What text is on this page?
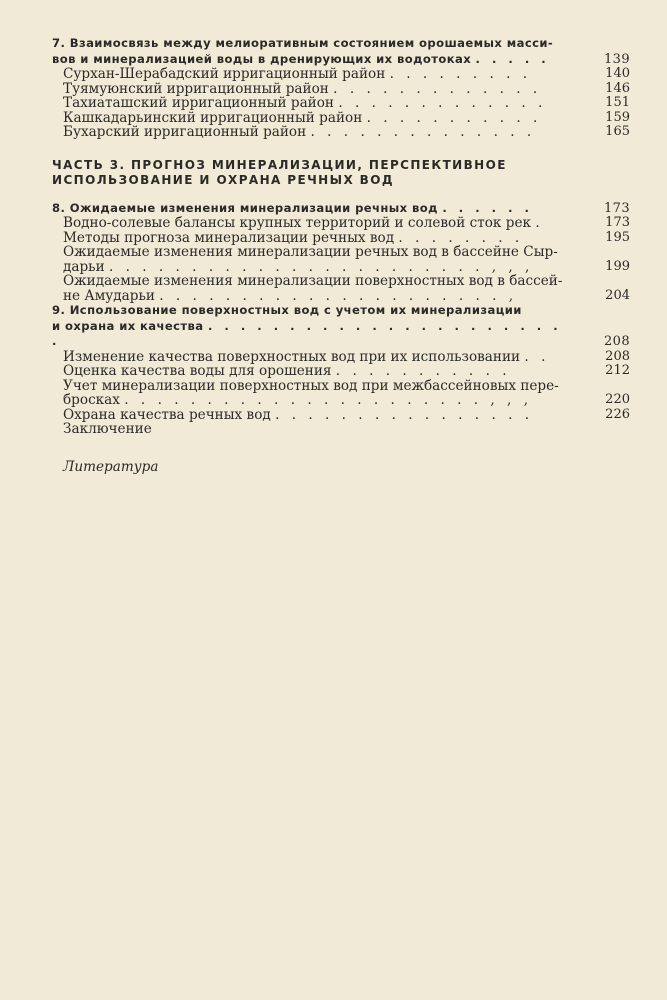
7. Взаимосвязь между мелиоративным состоянием орошаемых масси-
вов и минерализацией воды в дренирующих их водотоках . . . . .	139
Сурхан-Шерабадский ирригационный район . . . . . . . . .	140
Туямуюнский ирригационный район . . . . . . . . . . . . .	146
Тахиаташский ирригационный район . . . . . . . . . . . . .	151
Кашкадарьинский ирригационный район . . . . . . . . . . .	159
Бухарский ирригационный район . . . . . . . . . . . . . .	165
ЧАСТЬ 3. ПРОГНОЗ МИНЕРАЛИЗАЦИИ, ПЕРСПЕКТИВНОЕ
ИСПОЛЬЗОВАНИЕ И ОХРАНА РЕЧНЫХ ВОД
8. Ожидаемые изменения минерализации речных вод . . . . . .	173
Водно-солевые балансы крупных территорий и солевой сток рек .	173
Методы прогноза минерализации речных вод . . . . . . . .	195
Ожидаемые изменения минерализации речных вод в бассейне Сыр-
дарьи . . . . . . . . . . . . . . . . . . . . . . . , , ,	199
Ожидаемые изменения минерализации поверхностных вод в бассей-
не Амударьи . . . . . . . . . . . . . . . . . . . . . ,	204
9. Использование поверхностных вод с учетом их минерализации
и охрана их качества . . . . . . . . . . . . . . . . . . . . . . .	208
Изменение качества поверхностных вод при их использовании . .	208
Оценка качества воды для орошения . . . . . . . . . . .	212
Учет минерализации поверхностных вод при межбассейновых пере-
бросках . . . . . . . . . . . . . . . . . . . . . . , , ,	220
Охрана качества речных вод . . . . . . . . . . . . . . . .	226
Заключение
Литература
